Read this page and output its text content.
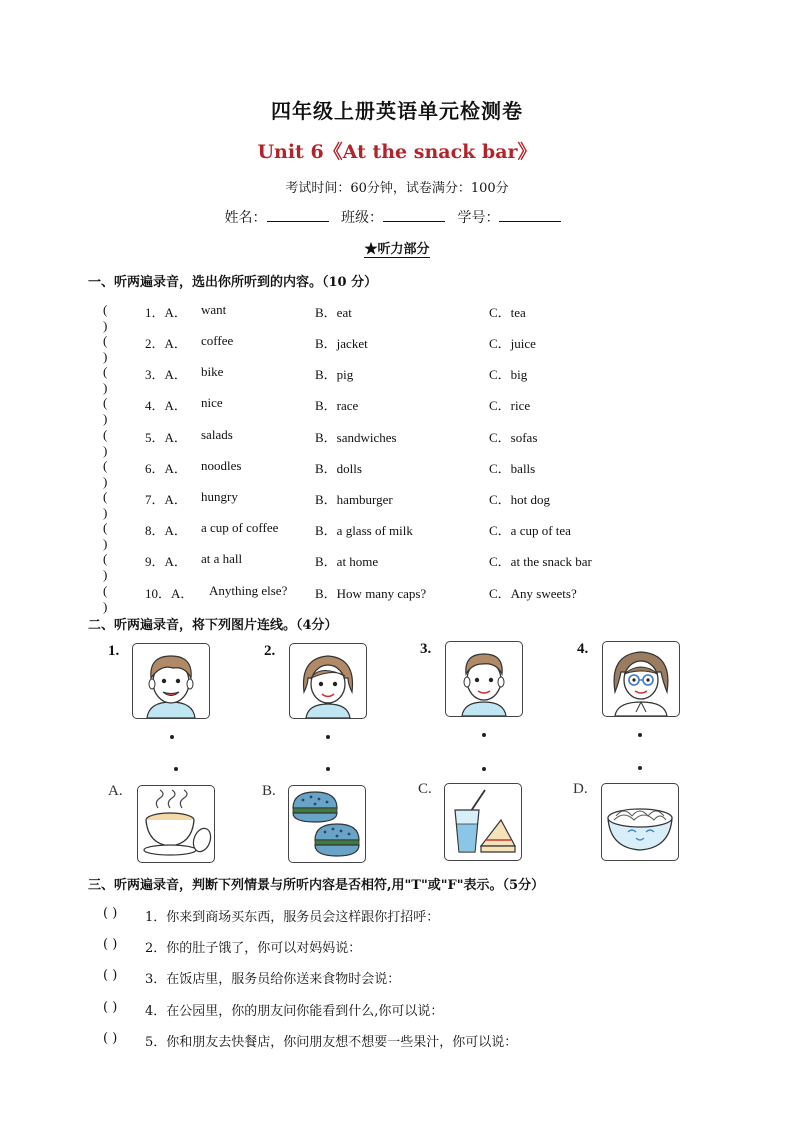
四年级上册英语单元检测卷
Unit 6《At the snack bar》
考试时间：60分钟，试卷满分：100分
姓名：	班级：	学号：
★听力部分
一、听两遍录音，选出你所听到的内容。（10 分）
( )
1．A． want	B．eat	C．tea
( )
2．A． coffee	B．jacket	C．juice
( )
3．A． bike	B．pig	C．big
( )
4．A． nice	B．race	C．rice
( )
5．A． salads	B．sandwiches	C．sofas
( )
6．A． noodles	B．dolls	C．balls
( )
7．A． hungry	B．hamburger	C．hot dog
( )
8．A． a cup of coffee	B．a glass of milk	C．a cup of tea
( )
9．A． at a hall	B．at home	C．at the snack bar
( )
10．A． Anything else? B．How many caps?	C．Any sweets?
二、听两遍录音，将下列图片连线。（4分）
1.	2.	3.	4.
A.	B.	C.	D.
三、听两遍录音，判断下列情景与所听内容是否相符,用"T"或"F"表示。（5分）
( ) 1．你来到商场买东西，服务员会这样跟你打招呼：
( ) 2．你的肚子饿了，你可以对妈妈说：
( ) 3．在饭店里，服务员给你送来食物时会说：
( ) 4．在公园里，你的朋友问你能看到什么,你可以说：
( ) 5．你和朋友去快餐店，你问朋友想不想要一些果汁，你可以说：
